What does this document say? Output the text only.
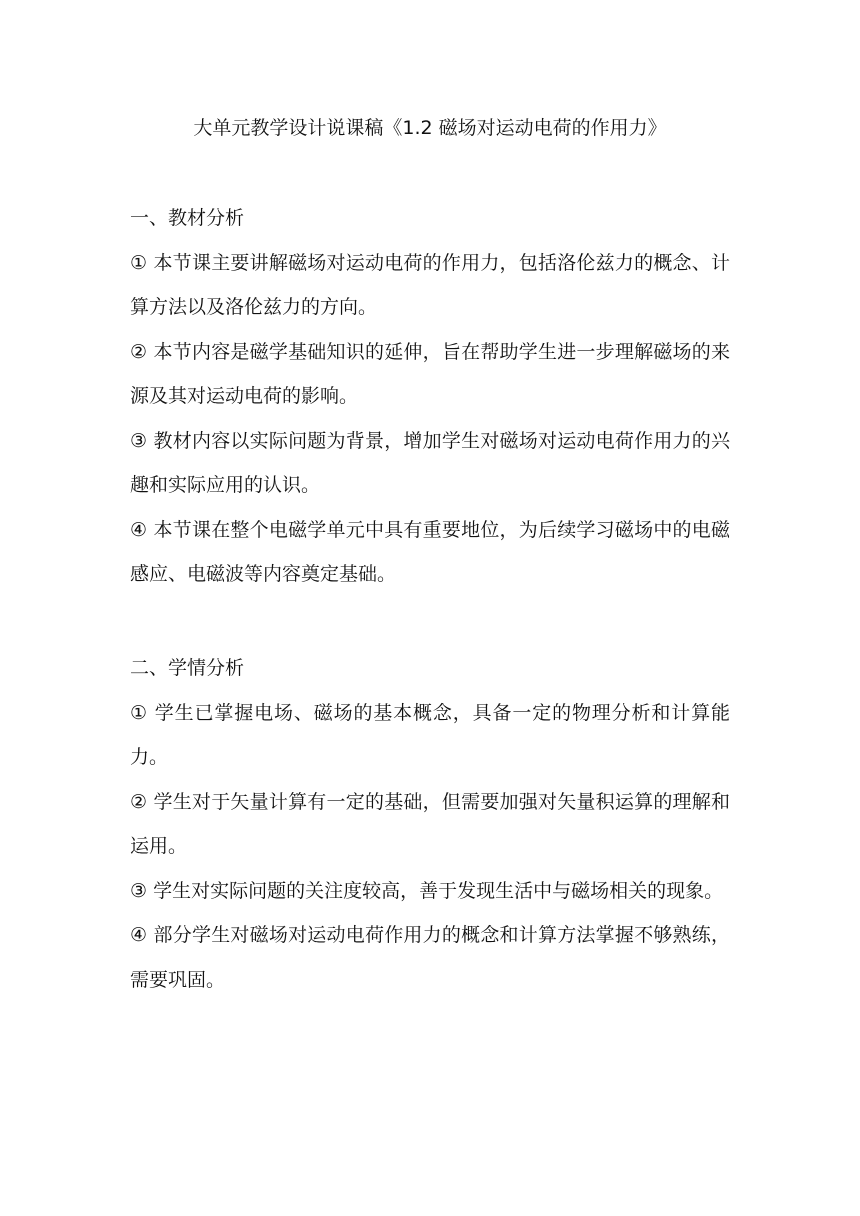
大单元教学设计说课稿《1.2 磁场对运动电荷的作用力》

一、教材分析

① 本节课主要讲解磁场对运动电荷的作用力，包括洛伦兹力的概念、计算方法以及洛伦兹力的方向。

② 本节内容是磁学基础知识的延伸，旨在帮助学生进一步理解磁场的来源及其对运动电荷的影响。

③ 教材内容以实际问题为背景，增加学生对磁场对运动电荷作用力的兴趣和实际应用的认识。

④ 本节课在整个电磁学单元中具有重要地位，为后续学习磁场中的电磁感应、电磁波等内容奠定基础。

二、学情分析

① 学生已掌握电场、磁场的基本概念，具备一定的物理分析和计算能力。

② 学生对于矢量计算有一定的基础，但需要加强对矢量积运算的理解和运用。

③ 学生对实际问题的关注度较高，善于发现生活中与磁场相关的现象。

④ 部分学生对磁场对运动电荷作用力的概念和计算方法掌握不够熟练，需要巩固。
